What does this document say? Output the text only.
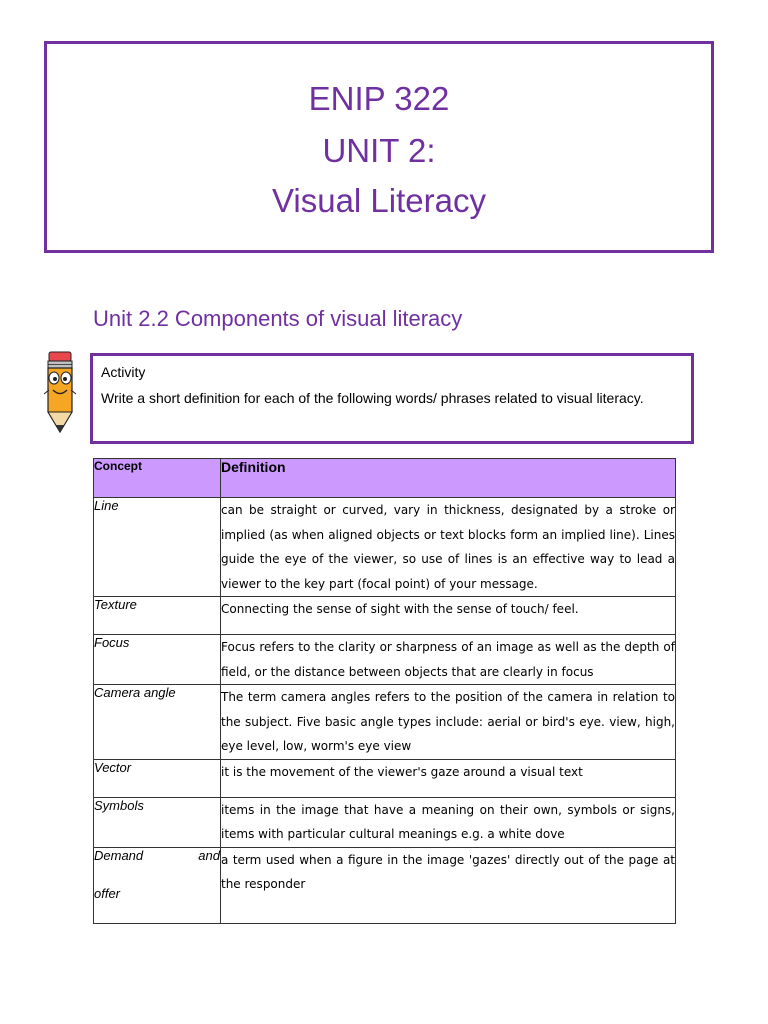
ENIP 322
UNIT 2:
Visual Literacy
Unit 2.2 Components of visual literacy
Activity
Write a short definition for each of the following words/ phrases related to visual literacy.
Concept	Definition
Line	can be straight or curved, vary in thickness, designated by a stroke or implied (as when aligned objects or text blocks form an implied line). Lines guide the eye of the viewer, so use of lines is an effective way to lead a viewer to the key part (focal point) of your message.
Texture	Connecting the sense of sight with the sense of touch/ feel.
Focus	Focus refers to the clarity or sharpness of an image as well as the depth of field, or the distance between objects that are clearly in focus
Camera angle	The term camera angles refers to the position of the camera in relation to the subject. Five basic angle types include: aerial or bird's eye. view, high, eye level, low, worm's eye view
Vector	it is the movement of the viewer's gaze around a visual text
Symbols	items in the image that have a meaning on their own, symbols or signs, items with particular cultural meanings e.g. a white dove

Demand and
offer	a term used when a figure in the image 'gazes' directly out of the page at the responder
